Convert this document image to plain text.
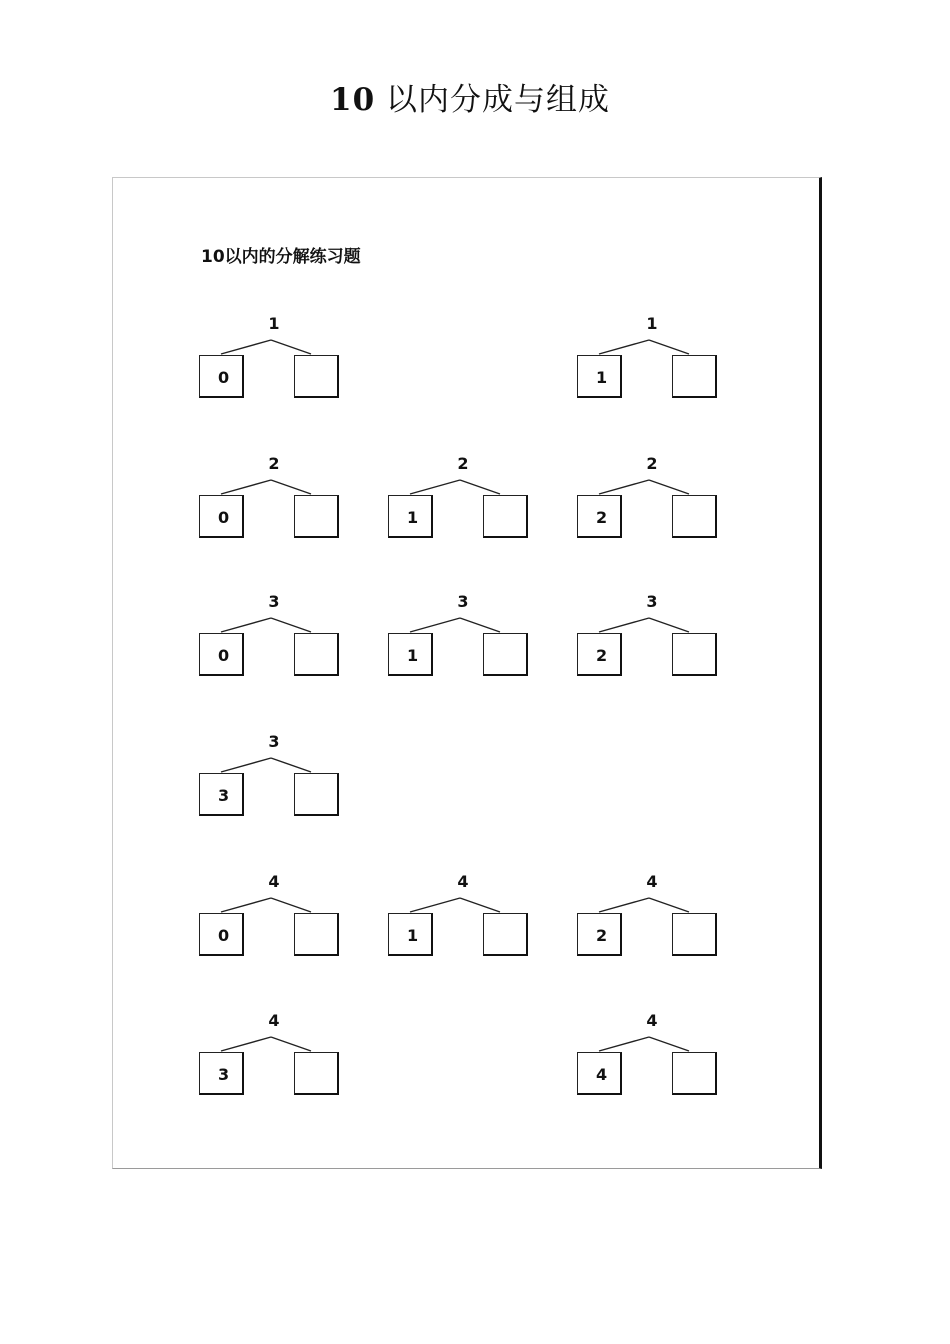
10 以内分成与组成
10以内的分解练习题
1
0
1
1
2
0
2
1
2
2
3
0
3
1
3
2
3
3
4
0
4
1
4
2
4
3
4
4
